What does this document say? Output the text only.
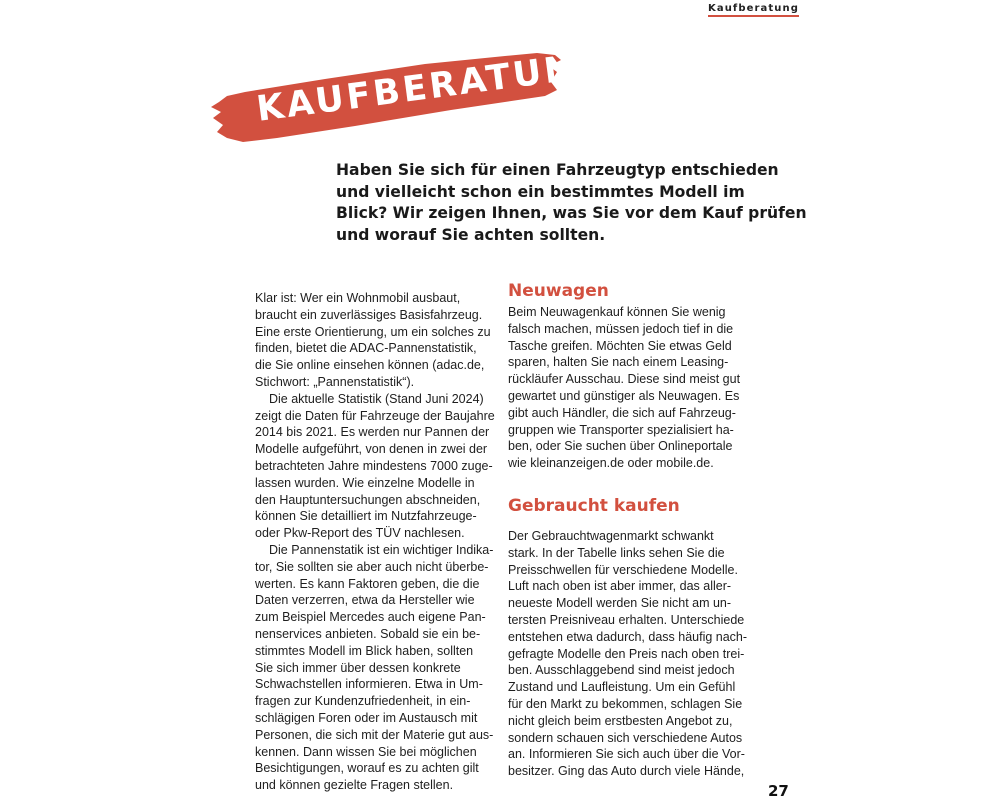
Kaufberatung
KAUFBERATUNG
Haben Sie sich für einen Fahrzeugtyp entschieden
und vielleicht schon ein bestimmtes Modell im
Blick? Wir zeigen Ihnen, was Sie vor dem Kauf prüfen
und worauf Sie achten sollten.
Klar ist: Wer ein Wohnmobil ausbaut,
braucht ein zuverlässiges Basisfahrzeug.
Eine erste Orientierung, um ein solches zu
finden, bietet die ADAC-Pannenstatistik,
die Sie online einsehen können (adac.de,
Stichwort: „Pannenstatistik“).
Die aktuelle Statistik (Stand Juni 2024)
zeigt die Daten für Fahrzeuge der Baujahre
2014 bis 2021. Es werden nur Pannen der
Modelle aufgeführt, von denen in zwei der
betrachteten Jahre mindestens 7000 zuge-
lassen wurden. Wie einzelne Modelle in
den Hauptuntersuchungen abschneiden,
können Sie detailliert im Nutzfahrzeuge-
oder Pkw-Report des TÜV nachlesen.
Die Pannenstatik ist ein wichtiger Indika-
tor, Sie sollten sie aber auch nicht überbe-
werten. Es kann Faktoren geben, die die
Daten verzerren, etwa da Hersteller wie
zum Beispiel Mercedes auch eigene Pan-
nenservices anbieten. Sobald sie ein be-
stimmtes Modell im Blick haben, sollten
Sie sich immer über dessen konkrete
Schwachstellen informieren. Etwa in Um-
fragen zur Kundenzufriedenheit, in ein-
schlägigen Foren oder im Austausch mit
Personen, die sich mit der Materie gut aus-
kennen. Dann wissen Sie bei möglichen
Besichtigungen, worauf es zu achten gilt
und können gezielte Fragen stellen.
Neuwagen
Beim Neuwagenkauf können Sie wenig
falsch machen, müssen jedoch tief in die
Tasche greifen. Möchten Sie etwas Geld
sparen, halten Sie nach einem Leasing-
rückläufer Ausschau. Diese sind meist gut
gewartet und günstiger als Neuwagen. Es
gibt auch Händler, die sich auf Fahrzeug-
gruppen wie Transporter spezialisiert ha-
ben, oder Sie suchen über Onlineportale
wie kleinanzeigen.de oder mobile.de.
Gebraucht kaufen
Der Gebrauchtwagenmarkt schwankt
stark. In der Tabelle links sehen Sie die
Preisschwellen für verschiedene Modelle.
Luft nach oben ist aber immer, das aller-
neueste Modell werden Sie nicht am un-
tersten Preisniveau erhalten. Unterschiede
entstehen etwa dadurch, dass häufig nach-
gefragte Modelle den Preis nach oben trei-
ben. Ausschlaggebend sind meist jedoch
Zustand und Laufleistung. Um ein Gefühl
für den Markt zu bekommen, schlagen Sie
nicht gleich beim erstbesten Angebot zu,
sondern schauen sich verschiedene Autos
an. Informieren Sie sich auch über die Vor-
besitzer. Ging das Auto durch viele Hände,
27
